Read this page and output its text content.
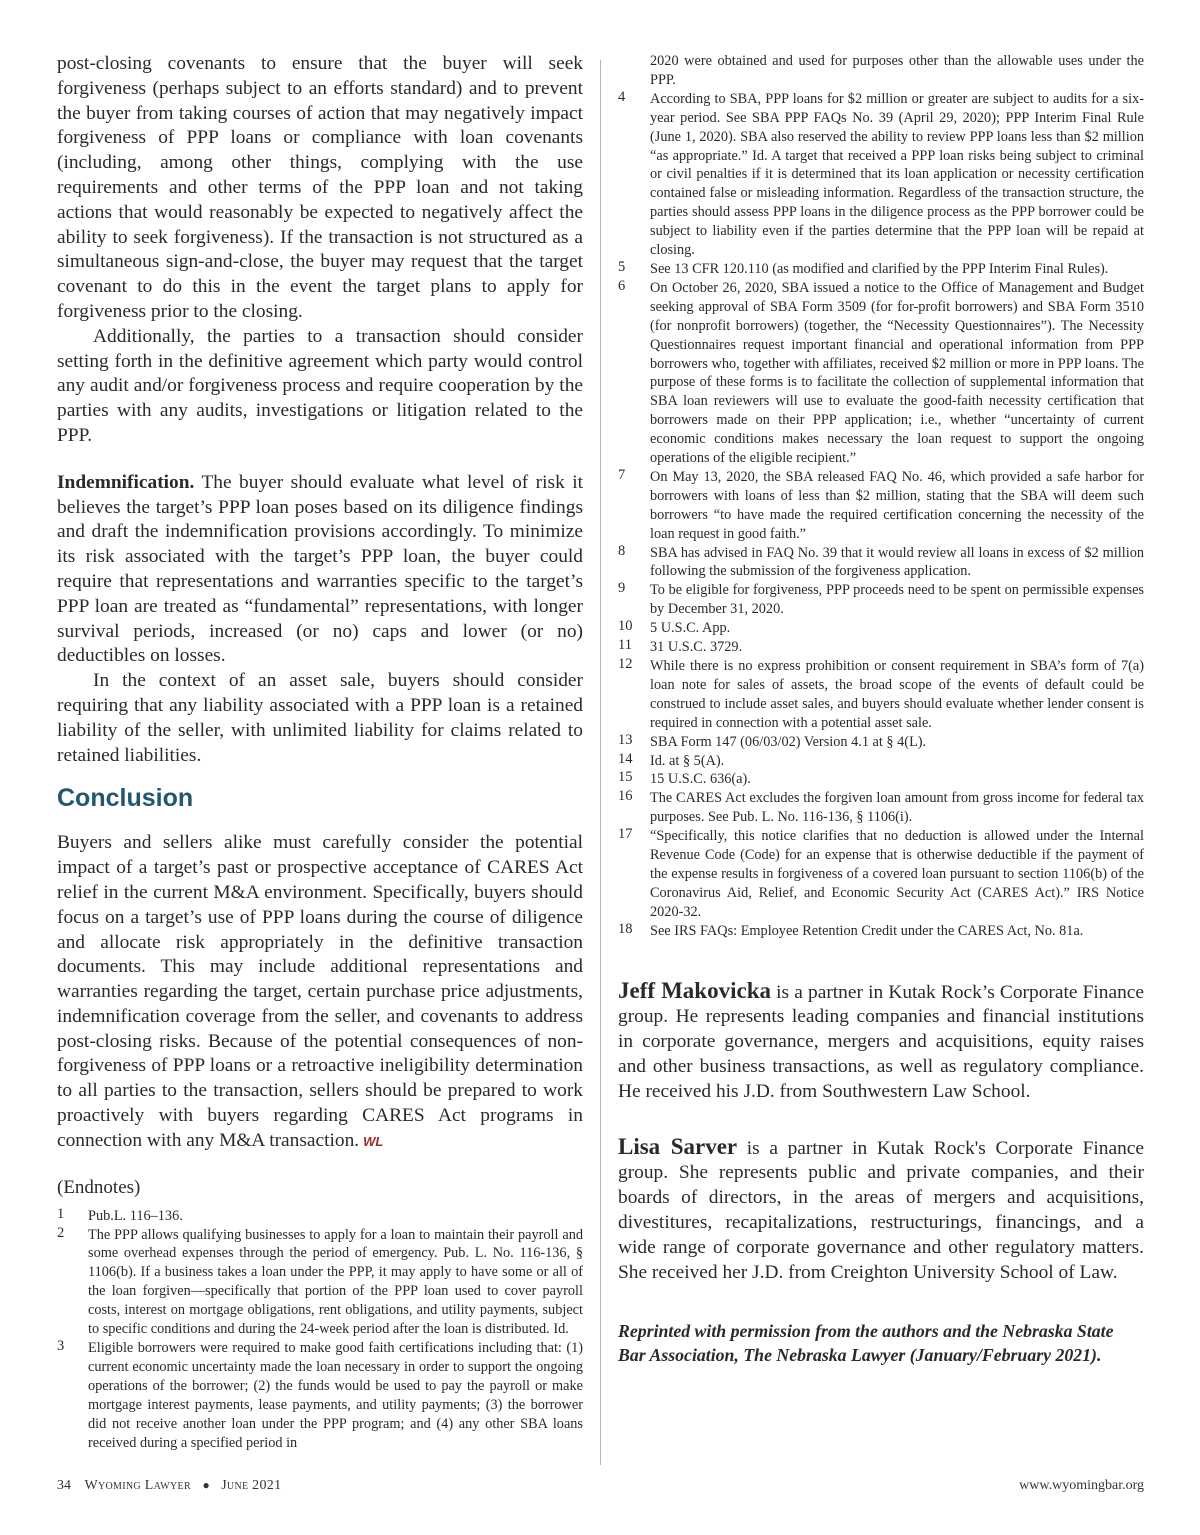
post-closing covenants to ensure that the buyer will seek forgiveness (perhaps subject to an efforts standard) and to prevent the buyer from taking courses of action that may negatively impact forgiveness of PPP loans or compliance with loan covenants (including, among other things, complying with the use requirements and other terms of the PPP loan and not taking actions that would reasonably be expected to negatively affect the ability to seek forgiveness). If the transaction is not structured as a simultaneous sign-and-close, the buyer may request that the target covenant to do this in the event the target plans to apply for forgiveness prior to the closing.

Additionally, the parties to a transaction should consider setting forth in the definitive agreement which party would control any audit and/or forgiveness process and require cooperation by the parties with any audits, investigations or litigation related to the PPP.

Indemnification. The buyer should evaluate what level of risk it believes the target’s PPP loan poses based on its diligence findings and draft the indemnification provisions accordingly. To minimize its risk associated with the target’s PPP loan, the buyer could require that representations and warranties specific to the target’s PPP loan are treated as “fundamental” representations, with longer survival periods, increased (or no) caps and lower (or no) deductibles on losses.

In the context of an asset sale, buyers should consider requiring that any liability associated with a PPP loan is a retained liability of the seller, with unlimited liability for claims related to retained liabilities.

Conclusion

Buyers and sellers alike must carefully consider the potential impact of a target’s past or prospective acceptance of CARES Act relief in the current M&A environment. Specifically, buyers should focus on a target’s use of PPP loans during the course of diligence and allocate risk appropriately in the definitive transaction documents. This may include additional representations and warranties regarding the target, certain purchase price adjustments, indemnification coverage from the seller, and covenants to address post-closing risks. Because of the potential consequences of non-forgiveness of PPP loans or a retroactive ineligibility determination to all parties to the transaction, sellers should be prepared to work proactively with buyers regarding CARES Act programs in connection with any M&A transaction. WL

(Endnotes)
1	Pub.L. 116–136.
2	The PPP allows qualifying businesses to apply for a loan to maintain their payroll and some overhead expenses through the period of emergency. Pub. L. No. 116-136, § 1106(b). If a business takes a loan under the PPP, it may apply to have some or all of the loan forgiven—specifically that portion of the PPP loan used to cover payroll costs, interest on mortgage obligations, rent obligations, and utility payments, subject to specific conditions and during the 24-week period after the loan is distributed. Id.
3	Eligible borrowers were required to make good faith certifications including that: (1) current economic uncertainty made the loan necessary in order to support the ongoing operations of the borrower; (2) the funds would be used to pay the payroll or make mortgage interest payments, lease payments, and utility payments; (3) the borrower did not receive another loan under the PPP program; and (4) any other SBA loans received during a specified period in
2020 were obtained and used for purposes other than the allowable uses under the PPP.
4	According to SBA, PPP loans for $2 million or greater are subject to audits for a six-year period. See SBA PPP FAQs No. 39 (April 29, 2020); PPP Interim Final Rule (June 1, 2020). SBA also reserved the ability to review PPP loans less than $2 million “as appropriate.” Id. A target that received a PPP loan risks being subject to criminal or civil penalties if it is determined that its loan application or necessity certification contained false or misleading information. Regardless of the transaction structure, the parties should assess PPP loans in the diligence process as the PPP borrower could be subject to liability even if the parties determine that the PPP loan will be repaid at closing.
5	See 13 CFR 120.110 (as modified and clarified by the PPP Interim Final Rules).
6	On October 26, 2020, SBA issued a notice to the Office of Management and Budget seeking approval of SBA Form 3509 (for for-profit borrowers) and SBA Form 3510 (for nonprofit borrowers) (together, the “Necessity Questionnaires”). The Necessity Questionnaires request important financial and operational information from PPP borrowers who, together with affiliates, received $2 million or more in PPP loans. The purpose of these forms is to facilitate the collection of supplemental information that SBA loan reviewers will use to evaluate the good-faith necessity certification that borrowers made on their PPP application; i.e., whether “uncertainty of current economic conditions makes necessary the loan request to support the ongoing operations of the eligible recipient.”
7	On May 13, 2020, the SBA released FAQ No. 46, which provided a safe harbor for borrowers with loans of less than $2 million, stating that the SBA will deem such borrowers “to have made the required certification concerning the necessity of the loan request in good faith.”
8	SBA has advised in FAQ No. 39 that it would review all loans in excess of $2 million following the submission of the forgiveness application.
9	To be eligible for forgiveness, PPP proceeds need to be spent on permissible expenses by December 31, 2020.
10	5 U.S.C. App.
11	31 U.S.C. 3729.
12	While there is no express prohibition or consent requirement in SBA’s form of 7(a) loan note for sales of assets, the broad scope of the events of default could be construed to include asset sales, and buyers should evaluate whether lender consent is required in connection with a potential asset sale.
13	SBA Form 147 (06/03/02) Version 4.1 at § 4(L).
14	Id. at § 5(A).
15	15 U.S.C. 636(a).
16	The CARES Act excludes the forgiven loan amount from gross income for federal tax purposes. See Pub. L. No. 116-136, § 1106(i).
17	“Specifically, this notice clarifies that no deduction is allowed under the Internal Revenue Code (Code) for an expense that is otherwise deductible if the payment of the expense results in forgiveness of a covered loan pursuant to section 1106(b) of the Coronavirus Aid, Relief, and Economic Security Act (CARES Act).” IRS Notice 2020-32.
18	See IRS FAQs: Employee Retention Credit under the CARES Act, No. 81a.

Jeff Makovicka is a partner in Kutak Rock’s Corporate Finance group. He represents leading companies and financial institutions in corporate governance, mergers and acquisitions, equity raises and other business transactions, as well as regulatory compliance. He received his J.D. from Southwestern Law School.

Lisa Sarver is a partner in Kutak Rock's Corporate Finance group. She represents public and private companies, and their boards of directors, in the areas of mergers and acquisitions, divestitures, recapitalizations, restructurings, financings, and a wide range of corporate governance and other regulatory matters. She received her J.D. from Creighton University School of Law.

Reprinted with permission from the authors and the Nebraska State Bar Association, The Nebraska Lawyer (January/February 2021).

34 Wyoming Lawyer ● June 2021	www.wyomingbar.org
